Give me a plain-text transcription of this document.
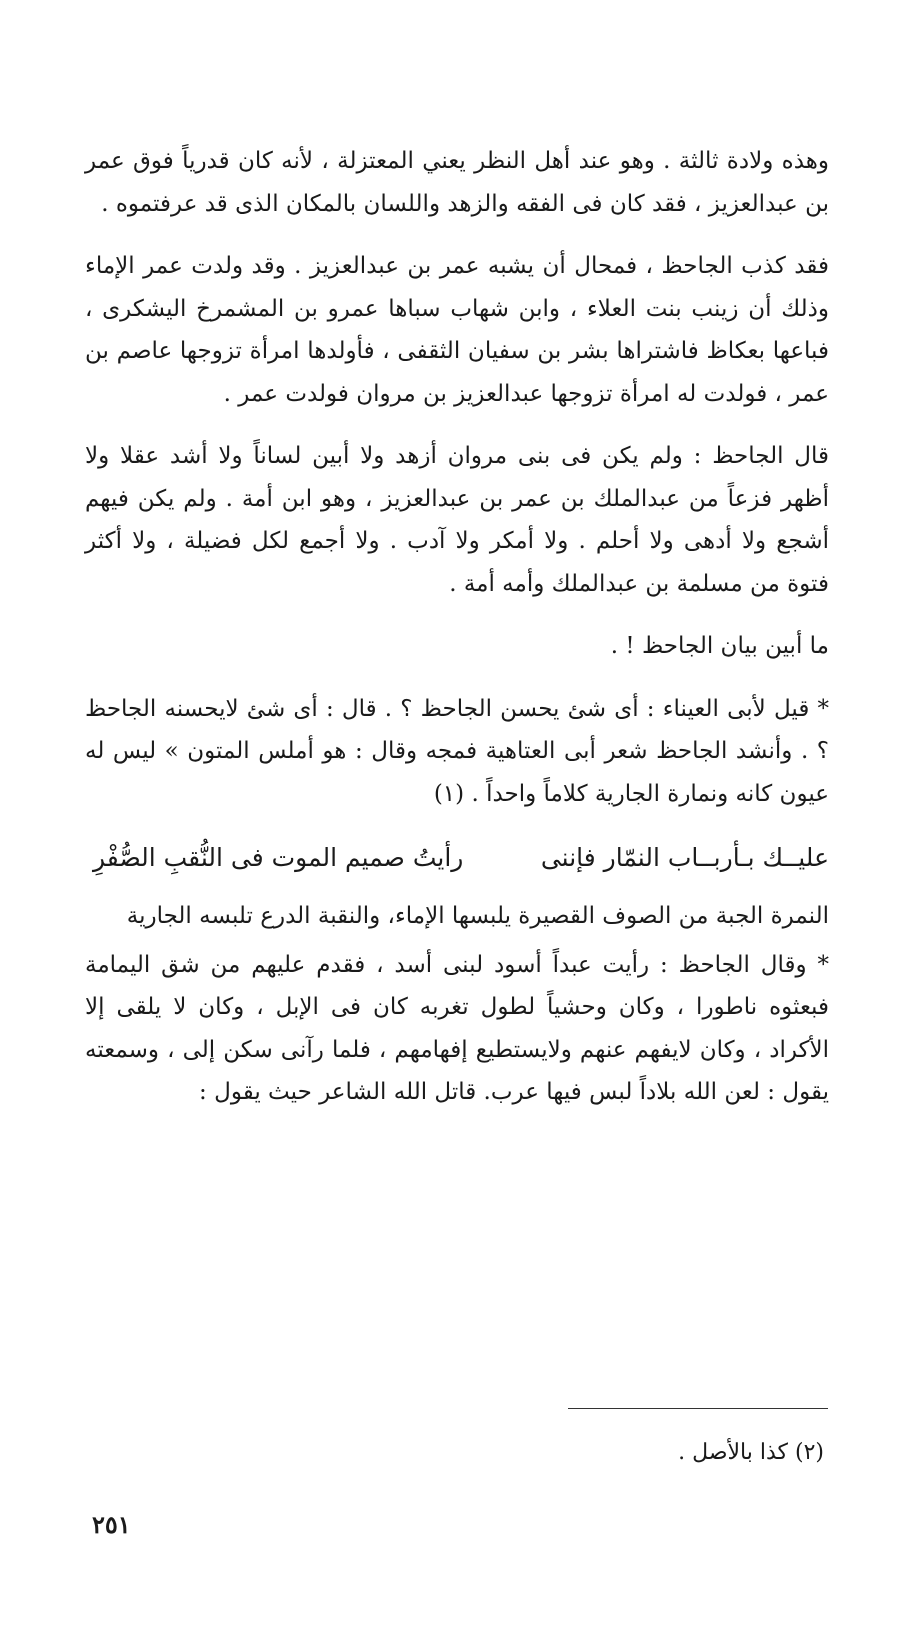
وهذه ولادة ثالثة . وهو عند أهل النظر يعني المعتزلة ، لأنه كان قدرياً فوق عمر بن عبدالعزيز ، فقد كان فى الفقه والزهد واللسان بالمكان الذى قد عرفتموه .

فقد كذب الجاحظ ، فمحال أن يشبه عمر بن عبدالعزيز . وقد ولدت عمر الإماء وذلك أن زينب بنت العلاء ، وابن شهاب سباها عمرو بن المشمرخ اليشكرى ، فباعها بعكاظ فاشتراها بشر بن سفيان الثقفى ، فأولدها امرأة تزوجها عاصم بن عمر ، فولدت له امرأة تزوجها عبدالعزيز بن مروان فولدت عمر .

قال الجاحظ : ولم يكن فى بنى مروان أزهد ولا أبين لساناً ولا أشد عقلا ولا أظهر فزعاً من عبدالملك بن عمر بن عبدالعزيز ، وهو ابن أمة . ولم يكن فيهم أشجع ولا أدهى ولا أحلم . ولا أمكر ولا آدب . ولا أجمع لكل فضيلة ، ولا أكثر فتوة من مسلمة بن عبدالملك وأمه أمة .

ما أبين بيان الجاحظ ! .

* قيل لأبى العيناء : أى شئ يحسن الجاحظ ؟ . قال : أى شئ لايحسنه الجاحظ ؟ . وأنشد الجاحظ شعر أبى العتاهية فمجه وقال : هو أملس المتون » ليس له عيون كانه ونمارة الجارية كلاماً واحداً . (١)

عليــك بـأربــاب النمّار فإننى
رأيتُ صميم الموت فى النُّقبِ الصُّفْرِ

النمرة الجبة من الصوف القصيرة يلبسها الإماء، والنقبة الدرع تلبسه الجارية

* وقال الجاحظ : رأيت عبداً أسود لبنى أسد ، فقدم عليهم من شق اليمامة فبعثوه ناطورا ، وكان وحشياً لطول تغربه كان فى الإبل ، وكان لا يلقى إلا الأكراد ، وكان لايفهم عنهم ولايستطيع إفهامهم ، فلما رآنى سكن إلى ، وسمعته يقول : لعن الله بلاداً لبس فيها عرب. قاتل الله الشاعر حيث يقول :

(٢) كذا بالأصل .
٢٥١
